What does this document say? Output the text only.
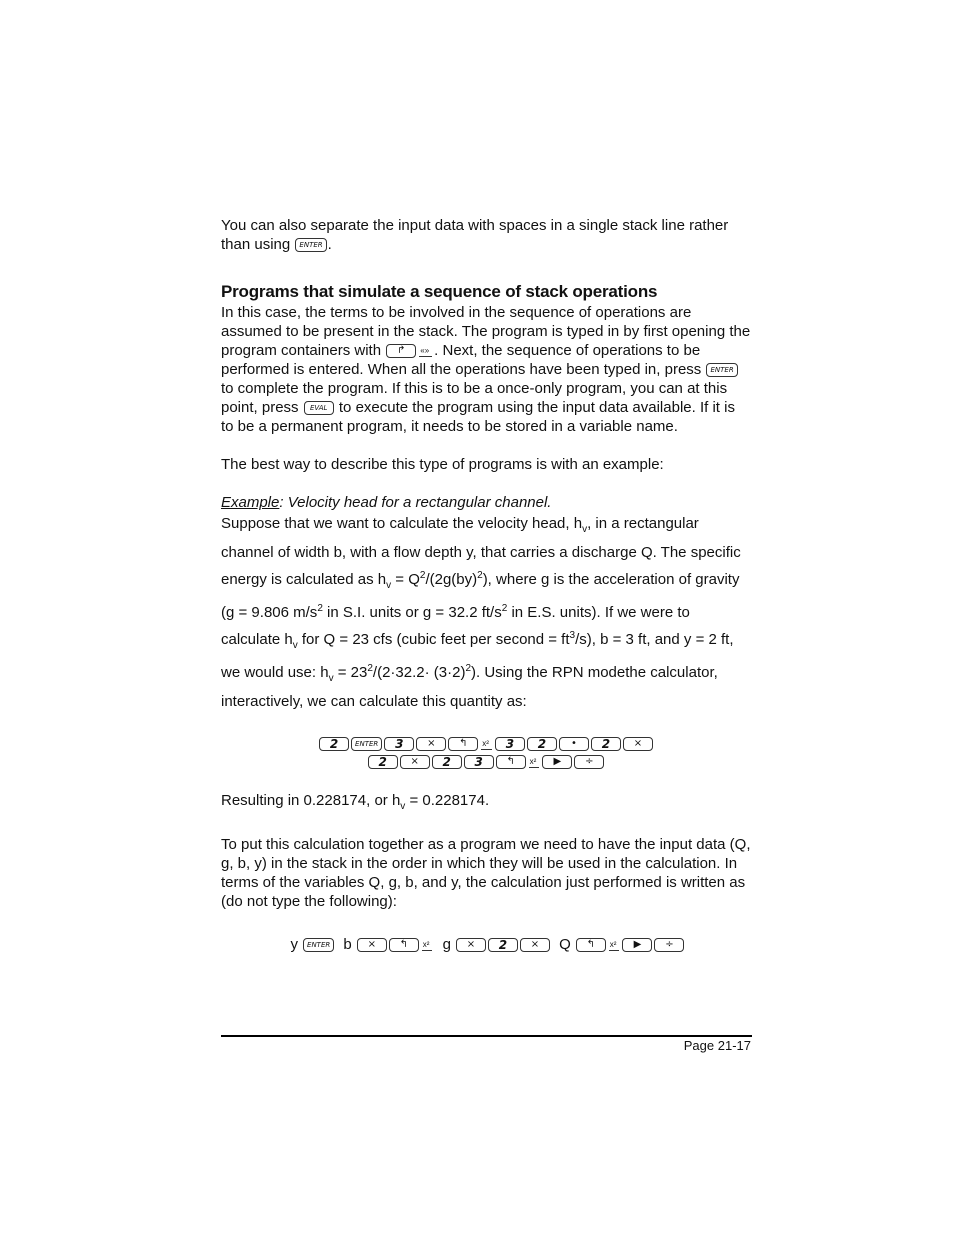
You can also separate the input data with spaces in a single stack line rather than using ENTER .

Programs that simulate a sequence of stack operations

In this case, the terms to be involved in the sequence of operations are assumed to be present in the stack. The program is typed in by first opening the program containers with ↱ «» . Next, the sequence of operations to be performed is entered. When all the operations have been typed in, press ENTER to complete the program. If this is to be a once-only program, you can at this point, press EVAL to execute the program using the input data available. If it is to be a permanent program, it needs to be stored in a variable name.

The best way to describe this type of programs is with an example:

Example: Velocity head for a rectangular channel.

Suppose that we want to calculate the velocity head, $h_v$, in a rectangular channel of width b, with a flow depth y, that carries a discharge Q. The specific energy is calculated as $h_v = Q^2/(2g(by)^2)$, where g is the acceleration of gravity (g = 9.806 $m/s^2$ in S.I. units or g = 32.2 $ft/s^2$ in E.S. units). If we were to calculate $h_v$ for Q = 23 cfs (cubic feet per second = $ft^3/s$), b = 3 ft, and y = 2 ft, we would use: $h_v = 23^2/(2\cdot 32.2\cdot (3\cdot 2)^2)$. Using the RPN modethe calculator, interactively, we can calculate this quantity as:

2 ENTER 3 × ↰ x² 3 2 • 2 ×

2 × 2 3 ↰ x² ▶ ÷

Resulting in 0.228174, or $h_v = 0.228174$.

To put this calculation together as a program we need to have the input data (Q, g, b, y) in the stack in the order in which they will be used in the calculation. In terms of the variables Q, g, b, and y, the calculation just performed is written as (do not type the following):

y ENTER b × ↰ x² g × 2 × Q ↰ x² ▶ ÷

Page 21-17
